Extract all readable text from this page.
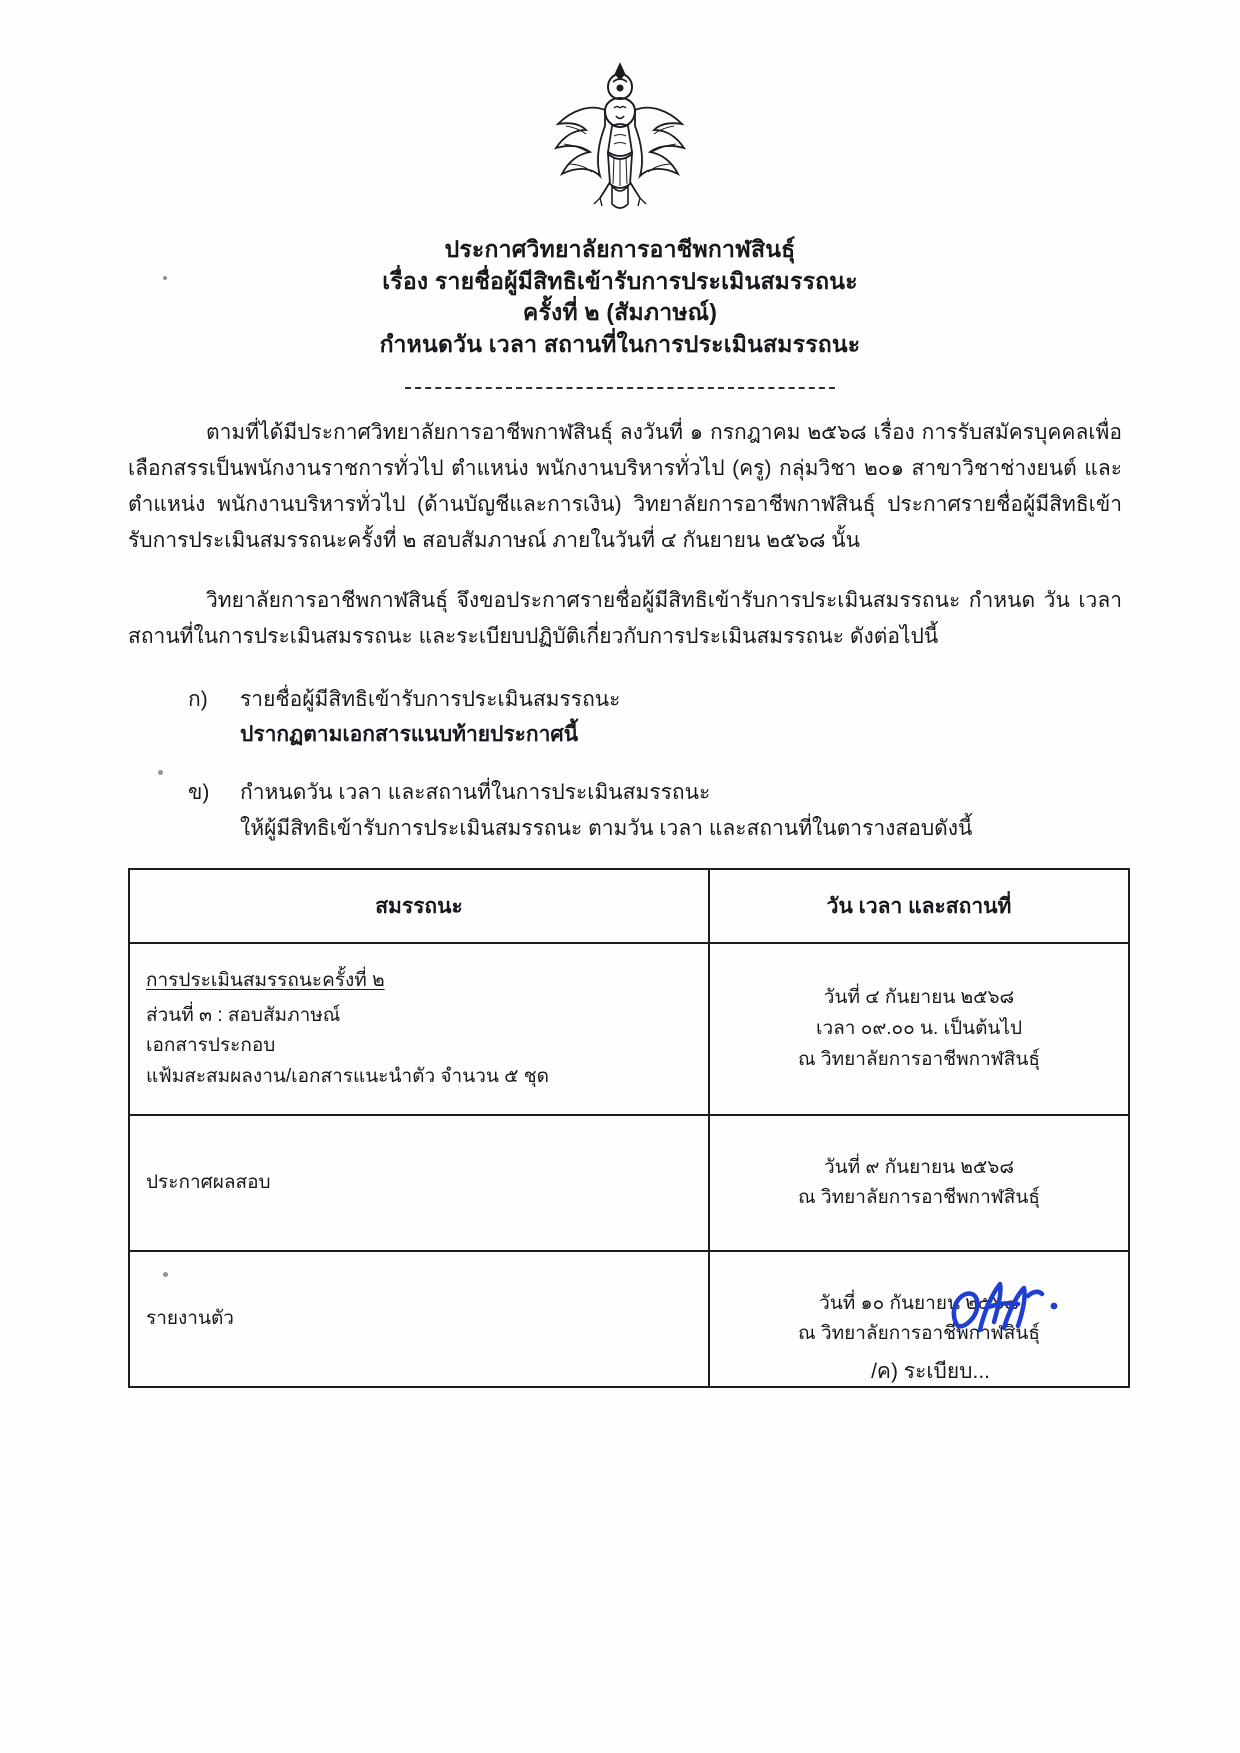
ประกาศวิทยาลัยการอาชีพกาฬสินธุ์
เรื่อง รายชื่อผู้มีสิทธิเข้ารับการประเมินสมรรถนะ
ครั้งที่ ๒ (สัมภาษณ์)
กำหนดวัน เวลา สถานที่ในการประเมินสมรรถนะ

ตามที่ได้มีประกาศวิทยาลัยการอาชีพกาฬสินธุ์ ลงวันที่ ๑ กรกฎาคม ๒๕๖๘ เรื่อง การรับสมัครบุคคลเพื่อเลือกสรรเป็นพนักงานราชการทั่วไป ตำแหน่ง พนักงานบริหารทั่วไป (ครู) กลุ่มวิชา ๒๐๑ สาขาวิชาช่างยนต์ และตำแหน่ง พนักงานบริหารทั่วไป (ด้านบัญชีและการเงิน) วิทยาลัยการอาชีพกาฬสินธุ์ ประกาศรายชื่อผู้มีสิทธิเข้ารับการประเมินสมรรถนะครั้งที่ ๒ สอบสัมภาษณ์ ภายในวันที่ ๔ กันยายน ๒๕๖๘ นั้น

วิทยาลัยการอาชีพกาฬสินธุ์ จึงขอประกาศรายชื่อผู้มีสิทธิเข้ารับการประเมินสมรรถนะ กำหนด วัน เวลา สถานที่ในการประเมินสมรรถนะ และระเบียบปฏิบัติเกี่ยวกับการประเมินสมรรถนะ ดังต่อไปนี้

ก)	รายชื่อผู้มีสิทธิเข้ารับการประเมินสมรรถนะ
ปรากฏตามเอกสารแนบท้ายประกาศนี้
ข)	กำหนดวัน เวลา และสถานที่ในการประเมินสมรรถนะ
ให้ผู้มีสิทธิเข้ารับการประเมินสมรรถนะ ตามวัน เวลา และสถานที่ในตารางสอบดังนี้
สมรรถนะ	วัน เวลา และสถานที่
การประเมินสมรรถนะครั้งที่ ๒
ส่วนที่ ๓ : สอบสัมภาษณ์
เอกสารประกอบ
แฟ้มสะสมผลงาน/เอกสารแนะนำตัว จำนวน ๕ ชุด	วันที่ ๔ กันยายน ๒๕๖๘
เวลา ๐๙.๐๐ น. เป็นต้นไป
ณ วิทยาลัยการอาชีพกาฬสินธุ์

ประกาศผลสอบ	วันที่ ๙ กันยายน ๒๕๖๘
ณ วิทยาลัยการอาชีพกาฬสินธุ์

รายงานตัว	วันที่ ๑๐ กันยายน ๒๕๖๘
ณ วิทยาลัยการอาชีพกาฬสินธุ์
/ค) ระเบียบ...
